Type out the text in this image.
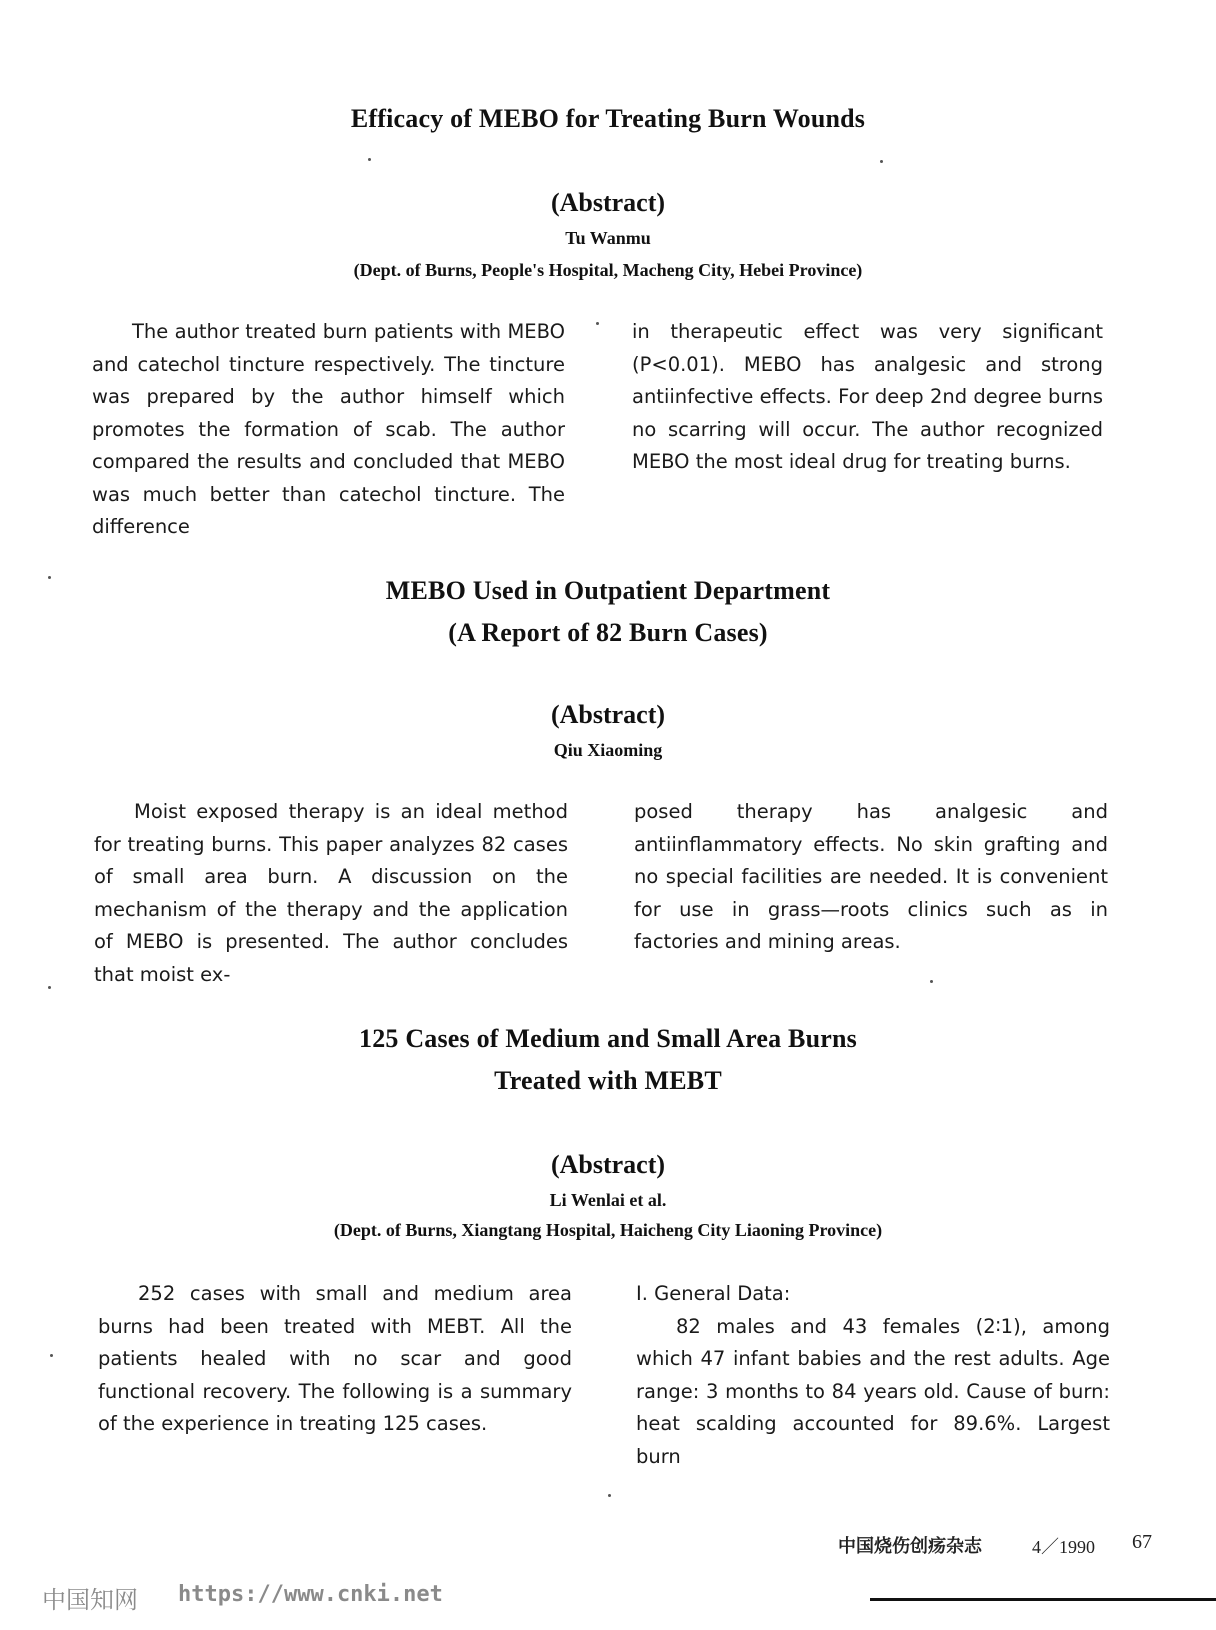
Efficacy of MEBO for Treating Burn Wounds
(Abstract)
Tu Wanmu
(Dept. of Burns, People's Hospital, Macheng City, Hebei Province)

The author treated burn patients with MEBO and catechol tincture respectively. The tincture was prepared by the author himself which promotes the formation of scab. The author compared the results and concluded that MEBO was much better than catechol tincture. The difference

in therapeutic effect was very significant (P<0.01). MEBO has analgesic and strong antiinfective effects. For deep 2nd degree burns no scarring will occur. The author recognized MEBO the most ideal drug for treating burns.

MEBO Used in Outpatient Department
(A Report of 82 Burn Cases)
(Abstract)
Qiu Xiaoming

Moist exposed therapy is an ideal method for treating burns. This paper analyzes 82 cases of small area burn. A discussion on the mechanism of the therapy and the application of MEBO is presented. The author concludes that moist ex-

posed therapy has analgesic and antiinflammatory effects. No skin grafting and no special facilities are needed. It is convenient for use in grass—roots clinics such as in factories and mining areas.

125 Cases of Medium and Small Area Burns
Treated with MEBT
(Abstract)
Li Wenlai et al.
(Dept. of Burns, Xiangtang Hospital, Haicheng City Liaoning Province)

252 cases with small and medium area burns had been treated with MEBT. All the patients healed with no scar and good functional recovery. The following is a summary of the experience in treating 125 cases.

Ⅰ. General Data:

82 males and 43 females (2∶1), among which 47 infant babies and the rest adults. Age range: 3 months to 84 years old. Cause of burn: heat scalding accounted for 89.6%. Largest burn

中国烧伤创疡杂志	4／1990 67
中国知网 https://www.cnki.net
